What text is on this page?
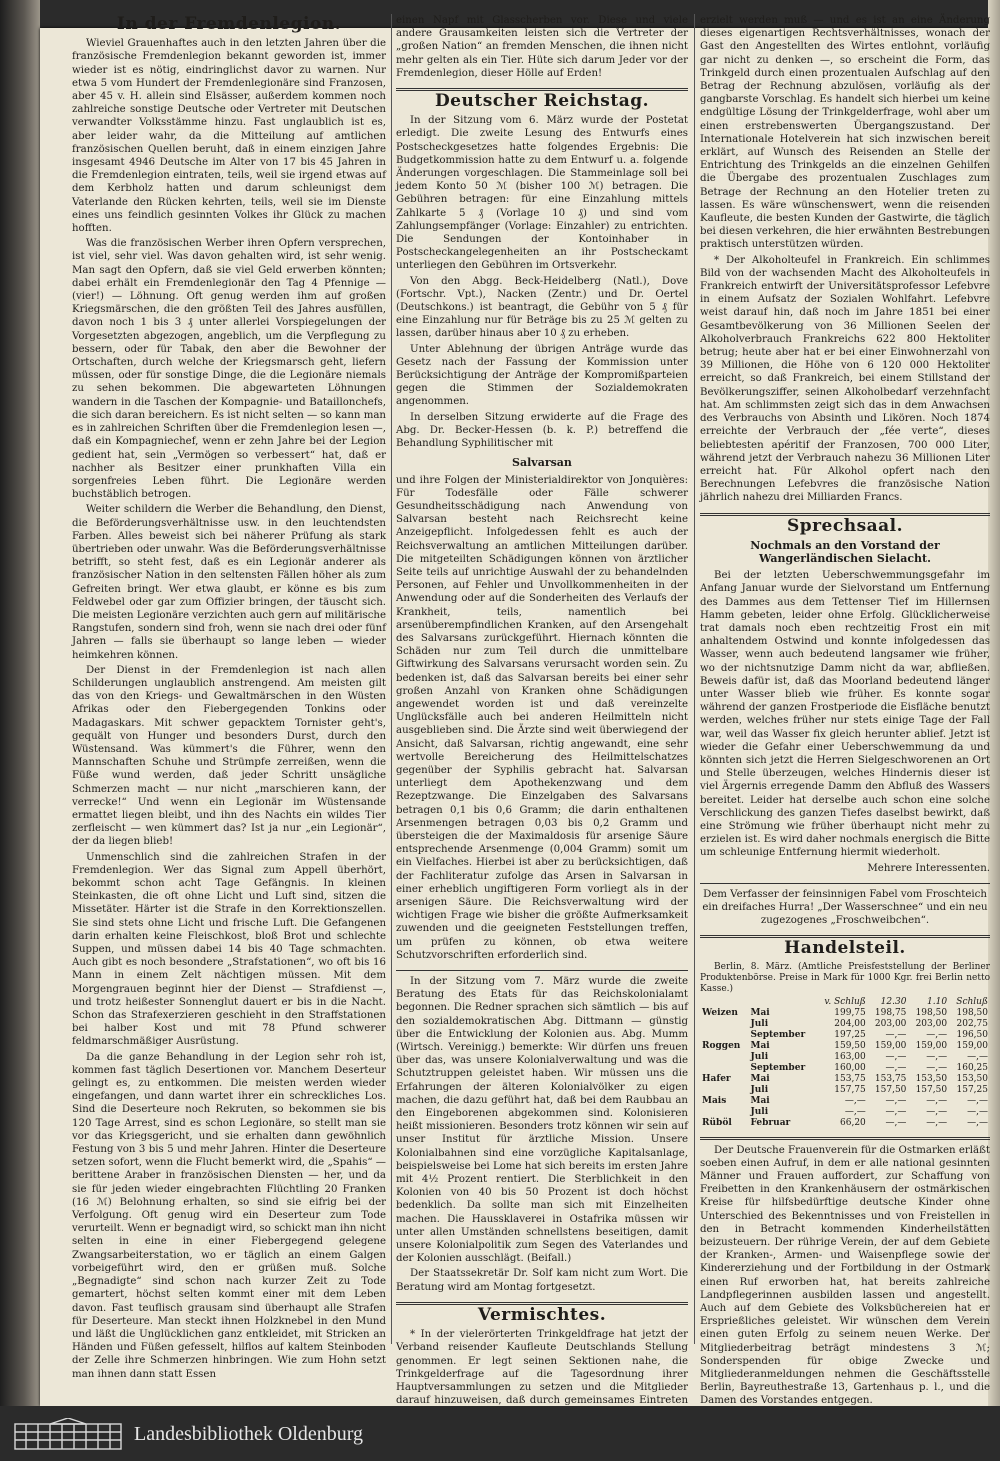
In der Fremdenlegion.

Wieviel Grauenhaftes auch in den letzten Jahren über die französische Fremdenlegion bekannt geworden ist, immer wieder ist es nötig, eindringlichst davor zu warnen. Nur etwa 5 vom Hundert der Fremdenlegionäre sind Franzosen, aber 45 v. H. allein sind Elsässer, außerdem kommen noch zahlreiche sonstige Deutsche oder Vertreter mit Deutschen verwandter Volksstämme hinzu. Fast unglaublich ist es, aber leider wahr, da die Mitteilung auf amtlichen französischen Quellen beruht, daß in einem einzigen Jahre insgesamt 4946 Deutsche im Alter von 17 bis 45 Jahren in die Fremdenlegion eintraten, teils, weil sie irgend etwas auf dem Kerbholz hatten und darum schleunigst dem Vaterlande den Rücken kehrten, teils, weil sie im Dienste eines uns feindlich gesinnten Volkes ihr Glück zu machen hofften.

Was die französischen Werber ihren Opfern versprechen, ist viel, sehr viel. Was davon gehalten wird, ist sehr wenig. Man sagt den Opfern, daß sie viel Geld erwerben könnten; dabei erhält ein Fremdenlegionär den Tag 4 Pfennige — (vier!) — Löhnung. Oft genug werden ihm auf großen Kriegsmärschen, die den größten Teil des Jahres ausfüllen, davon noch 1 bis 3 ₰ unter allerlei Vorspiegelungen der Vorgesetzten abgezogen, angeblich, um die Verpflegung zu bessern, oder für Tabak, den aber die Bewohner der Ortschaften, durch welche der Kriegsmarsch geht, liefern müssen, oder für sonstige Dinge, die die Legionäre niemals zu sehen bekommen. Die abgewarteten Löhnungen wandern in die Taschen der Kompagnie- und Bataillonchefs, die sich daran bereichern. Es ist nicht selten — so kann man es in zahlreichen Schriften über die Fremdenlegion lesen —, daß ein Kompagniechef, wenn er zehn Jahre bei der Legion gedient hat, sein „Vermögen so verbessert“ hat, daß er nachher als Besitzer einer prunkhaften Villa ein sorgenfreies Leben führt. Die Legionäre werden buchstäblich betrogen.

Weiter schildern die Werber die Behandlung, den Dienst, die Beförderungsverhältnisse usw. in den leuchtendsten Farben. Alles beweist sich bei näherer Prüfung als stark übertrieben oder unwahr. Was die Beförderungsverhältnisse betrifft, so steht fest, daß es ein Legionär anderer als französischer Nation in den seltensten Fällen höher als zum Gefreiten bringt. Wer etwa glaubt, er könne es bis zum Feldwebel oder gar zum Offizier bringen, der täuscht sich. Die meisten Legionäre verzichten auch gern auf militärische Rangstufen, sondern sind froh, wenn sie nach drei oder fünf Jahren — falls sie überhaupt so lange leben — wieder heimkehren können.

Der Dienst in der Fremdenlegion ist nach allen Schilderungen unglaublich anstrengend. Am meisten gilt das von den Kriegs- und Gewaltmärschen in den Wüsten Afrikas oder den Fiebergegenden Tonkins oder Madagaskars. Mit schwer gepacktem Tornister geht's, gequält von Hunger und besonders Durst, durch den Wüstensand. Was kümmert's die Führer, wenn den Mannschaften Schuhe und Strümpfe zerreißen, wenn die Füße wund werden, daß jeder Schritt unsägliche Schmerzen macht — nur nicht „marschieren kann, der verrecke!“ Und wenn ein Legionär im Wüstensande ermattet liegen bleibt, und ihn des Nachts ein wildes Tier zerfleischt — wen kümmert das? Ist ja nur „ein Legionär“, der da liegen blieb!

Unmenschlich sind die zahlreichen Strafen in der Fremdenlegion. Wer das Signal zum Appell überhört, bekommt schon acht Tage Gefängnis. In kleinen Steinkasten, die oft ohne Licht und Luft sind, sitzen die Missetäter. Härter ist die Strafe in den Korrektionszellen. Sie sind stets ohne Licht und frische Luft. Die Gefangenen darin erhalten keine Fleischkost, bloß Brot und schlechte Suppen, und müssen dabei 14 bis 40 Tage schmachten. Auch gibt es noch besondere „Strafstationen“, wo oft bis 16 Mann in einem Zelt nächtigen müssen. Mit dem Morgengrauen beginnt hier der Dienst — Strafdienst —, und trotz heißester Sonnenglut dauert er bis in die Nacht. Schon das Strafexerzieren geschieht in den Straffstationen bei halber Kost und mit 78 Pfund schwerer feldmarschmäßiger Ausrüstung.

Da die ganze Behandlung in der Legion sehr roh ist, kommen fast täglich Desertionen vor. Manchem Deserteur gelingt es, zu entkommen. Die meisten werden wieder eingefangen, und dann wartet ihrer ein schreckliches Los. Sind die Deserteure noch Rekruten, so bekommen sie bis 120 Tage Arrest, sind es schon Legionäre, so stellt man sie vor das Kriegsgericht, und sie erhalten dann gewöhnlich Festung von 3 bis 5 und mehr Jahren. Hinter die Deserteure setzen sofort, wenn die Flucht bemerkt wird, die „Spahis“ — berittene Araber in französischen Diensten — her, und da sie für jeden wieder eingebrachten Flüchtling 20 Franken (16 ℳ) Belohnung erhalten, so sind sie eifrig bei der Verfolgung. Oft genug wird ein Deserteur zum Tode verurteilt. Wenn er begnadigt wird, so schickt man ihn nicht selten in eine in einer Fiebergegend gelegene Zwangsarbeiterstation, wo er täglich an einem Galgen vorbeigeführt wird, den er grüßen muß. Solche „Begnadigte“ sind schon nach kurzer Zeit zu Tode gemartert, höchst selten kommt einer mit dem Leben davon. Fast teuflisch grausam sind überhaupt alle Strafen für Deserteure. Man steckt ihnen Holzknebel in den Mund und läßt die Unglücklichen ganz entkleidet, mit Stricken an Händen und Füßen gefesselt, hilflos auf kaltem Steinboden der Zelle ihre Schmerzen hinbringen. Wie zum Hohn setzt man ihnen dann statt Essen

einen Napf mit Glasscherben vor. Diese und viele andere Grausamkeiten leisten sich die Vertreter der „großen Nation“ an fremden Menschen, die ihnen nicht mehr gelten als ein Tier. Hüte sich darum Jeder vor der Fremdenlegion, dieser Hölle auf Erden!

Deutscher Reichstag.

In der Sitzung vom 6. März wurde der Postetat erledigt. Die zweite Lesung des Entwurfs eines Postscheckgesetzes hatte folgendes Ergebnis: Die Budgetkommission hatte zu dem Entwurf u. a. folgende Änderungen vorgeschlagen. Die Stammeinlage soll bei jedem Konto 50 ℳ (bisher 100 ℳ) betragen. Die Gebühren betragen: für eine Einzahlung mittels Zahlkarte 5 ₰ (Vorlage 10 ₰) und sind vom Zahlungsempfänger (Vorlage: Einzahler) zu entrichten. Die Sendungen der Kontoinhaber in Postscheckangelegenheiten an ihr Postscheckamt unterliegen den Gebühren im Ortsverkehr.

Von den Abgg. Beck-Heidelberg (Natl.), Dove (Fortschr. Vpt.), Nacken (Zentr.) und Dr. Oertel (Deutschkons.) ist beantragt, die Gebühr von 5 ₰ für eine Einzahlung nur für Beträge bis zu 25 ℳ gelten zu lassen, darüber hinaus aber 10 ₰ zu erheben.

Unter Ablehnung der übrigen Anträge wurde das Gesetz nach der Fassung der Kommission unter Berücksichtigung der Anträge der Kompromißparteien gegen die Stimmen der Sozialdemokraten angenommen.

In derselben Sitzung erwiderte auf die Frage des Abg. Dr. Becker-Hessen (b. k. P.) betreffend die Behandlung Syphilitischer mit

Salvarsan

und ihre Folgen der Ministerialdirektor von Jonquières: Für Todesfälle oder Fälle schwerer Gesundheitsschädigung nach Anwendung von Salvarsan besteht nach Reichsrecht keine Anzeigepflicht. Infolgedessen fehlt es auch der Reichsverwaltung an amtlichen Mitteilungen darüber. Die mitgeteilten Schädigungen können von ärztlicher Seite teils auf unrichtige Auswahl der zu behandelnden Personen, auf Fehler und Unvollkommenheiten in der Anwendung oder auf die Sonderheiten des Verlaufs der Krankheit, teils, namentlich bei arsenüberempfindlichen Kranken, auf den Arsengehalt des Salvarsans zurückgeführt. Hiernach könnten die Schäden nur zum Teil durch die unmittelbare Giftwirkung des Salvarsans verursacht worden sein. Zu bedenken ist, daß das Salvarsan bereits bei einer sehr großen Anzahl von Kranken ohne Schädigungen angewendet worden ist und daß vereinzelte Unglücksfälle auch bei anderen Heilmitteln nicht ausgeblieben sind. Die Ärzte sind weit überwiegend der Ansicht, daß Salvarsan, richtig angewandt, eine sehr wertvolle Bereicherung des Heilmittelschatzes gegenüber der Syphilis gebracht hat. Salvarsan unterliegt dem Apothekenzwang und dem Rezeptzwange. Die Einzelgaben des Salvarsans betragen 0,1 bis 0,6 Gramm; die darin enthaltenen Arsenmengen betragen 0,03 bis 0,2 Gramm und übersteigen die der Maximaldosis für arsenige Säure entsprechende Arsenmenge (0,004 Gramm) somit um ein Vielfaches. Hierbei ist aber zu berücksichtigen, daß der Fachliteratur zufolge das Arsen in Salvarsan in einer erheblich ungiftigeren Form vorliegt als in der arsenigen Säure. Die Reichsverwaltung wird der wichtigen Frage wie bisher die größte Aufmerksamkeit zuwenden und die geeigneten Feststellungen treffen, um prüfen zu können, ob etwa weitere Schutzvorschriften erforderlich sind.

In der Sitzung vom 7. März wurde die zweite Beratung des Etats für das Reichskolonialamt begonnen. Die Redner sprachen sich sämtlich — bis auf den sozialdemokratischen Abg. Dittmann — günstig über die Entwicklung der Kolonien aus. Abg. Mumm (Wirtsch. Vereinigg.) bemerkte: Wir dürfen uns freuen über das, was unsere Kolonialverwaltung und was die Schutztruppen geleistet haben. Wir müssen uns die Erfahrungen der älteren Kolonialvölker zu eigen machen, die dazu geführt hat, daß bei dem Raubbau an den Eingeborenen abgekommen sind. Kolonisieren heißt missionieren. Besonders trotz können wir sein auf unser Institut für ärztliche Mission. Unsere Kolonialbahnen sind eine vorzügliche Kapitalsanlage, beispielsweise bei Lome hat sich bereits im ersten Jahre mit 4½ Prozent rentiert. Die Sterblichkeit in den Kolonien von 40 bis 50 Prozent ist doch höchst bedenklich. Da sollte man sich mit Einzelheiten machen. Die Haussklaverei in Ostafrika müssen wir unter allen Umständen schnellstens beseitigen, damit unsere Kolonialpolitik zum Segen des Vaterlandes und der Kolonien ausschlägt. (Beifall.)

Der Staatssekretär Dr. Solf kam nicht zum Wort. Die Beratung wird am Montag fortgesetzt.

Vermischtes.

* In der vielerörterten Trinkgeldfrage hat jetzt der Verband reisender Kaufleute Deutschlands Stellung genommen. Er legt seinen Sektionen nahe, die Trinkgelderfrage auf die Tagesordnung ihrer Hauptversammlungen zu setzen und die Mitglieder darauf hinzuweisen, daß durch gemeinsames Eintreten

erzielt werden muß — und es ist an eine Änderung dieses eigenartigen Rechtsverhältnisses, wonach der Gast den Angestellten des Wirtes entlohnt, vorläufig gar nicht zu denken —, so erscheint die Form, das Trinkgeld durch einen prozentualen Aufschlag auf den Betrag der Rechnung abzulösen, vorläufig als der gangbarste Vorschlag. Es handelt sich hierbei um keine endgültige Lösung der Trinkgelderfrage, wohl aber um einen erstrebenswerten Übergangszustand. Der Internationale Hotelverein hat sich inzwischen bereit erklärt, auf Wunsch des Reisenden an Stelle der Entrichtung des Trinkgelds an die einzelnen Gehilfen die Übergabe des prozentualen Zuschlages zum Betrage der Rechnung an den Hotelier treten zu lassen. Es wäre wünschenswert, wenn die reisenden Kaufleute, die besten Kunden der Gastwirte, die täglich bei diesen verkehren, die hier erwähnten Bestrebungen praktisch unterstützen würden.

* Der Alkoholteufel in Frankreich. Ein schlimmes Bild von der wachsenden Macht des Alkoholteufels in Frankreich entwirft der Universitätsprofessor Lefebvre in einem Aufsatz der Sozialen Wohlfahrt. Lefebvre weist darauf hin, daß noch im Jahre 1851 bei einer Gesamtbevölkerung von 36 Millionen Seelen der Alkoholverbrauch Frankreichs 622 800 Hektoliter betrug; heute aber hat er bei einer Einwohnerzahl von 39 Millionen, die Höhe von 6 120 000 Hektoliter erreicht, so daß Frankreich, bei einem Stillstand der Bevölkerungsziffer, seinen Alkoholbedarf verzehnfacht hat. Am schlimmsten zeigt sich das in dem Anwachsen des Verbrauchs von Absinth und Likören. Noch 1874 erreichte der Verbrauch der „fée verte“, dieses beliebtesten apéritif der Franzosen, 700 000 Liter, während jetzt der Verbrauch nahezu 36 Millionen Liter erreicht hat. Für Alkohol opfert nach den Berechnungen Lefebvres die französische Nation jährlich nahezu drei Milliarden Francs.

Sprechsaal.
Nochmals an den Vorstand der Wangerländischen Sielacht.

Bei der letzten Ueberschwemmungsgefahr im Anfang Januar wurde der Sielvorstand um Entfernung des Dammes aus dem Tettenser Tief im Hillernsen Hamm gebeten, leider ohne Erfolg. Glücklicherweise trat damals noch eben rechtzeitig Frost ein mit anhaltendem Ostwind und konnte infolgedessen das Wasser, wenn auch bedeutend langsamer wie früher, wo der nichtsnutzige Damm nicht da war, abfließen. Beweis dafür ist, daß das Moorland bedeutend länger unter Wasser blieb wie früher. Es konnte sogar während der ganzen Frostperiode die Eisfläche benutzt werden, welches früher nur stets einige Tage der Fall war, weil das Wasser fix gleich herunter ablief. Jetzt ist wieder die Gefahr einer Ueberschwemmung da und könnten sich jetzt die Herren Sielgeschworenen an Ort und Stelle überzeugen, welches Hindernis dieser ist viel Ärgernis erregende Damm den Abfluß des Wassers bereitet. Leider hat derselbe auch schon eine solche Verschlickung des ganzen Tiefes daselbst bewirkt, daß eine Strömung wie früher überhaupt nicht mehr zu erzielen ist. Es wird daher nochmals energisch die Bitte um schleunige Entfernung hiermit wiederholt.

Mehrere Interessenten.

Dem Verfasser der feinsinnigen Fabel vom Froschteich ein dreifaches Hurra! „Der Wasserschnee“ und ein neu zugezogenes „Froschweibchen“.

Handelsteil.

Berlin, 8. März. (Amtliche Preisfeststellung der Berliner Produktenbörse. Preise in Mark für 1000 Kgr. frei Berlin netto Kasse.)

		v. Schluß	12.30	1.10	Schluß
Weizen	Mai	199,75	198,75	198,50	198,50
	Juli	204,00	203,00	203,00	202,75
	September	197,25	—,—	—,—	196,50
Roggen	Mai	159,50	159,00	159,00	159,00
	Juli	163,00	—,—	—,—	—,—
	September	160,00	—,—	—,—	160,25
Hafer	Mai	153,75	153,75	153,50	153,50
	Juli	157,75	157,50	157,50	157,25
Mais	Mai	—,—	—,—	—,—	—,—
	Juli	—,—	—,—	—,—	—,—
Rüböl	Februar	66,20	—,—	—,—	—,—

Der Deutsche Frauenverein für die Ostmarken erläßt soeben einen Aufruf, in dem er alle national gesinnten Männer und Frauen auffordert, zur Schaffung von Freibetten in den Krankenhäusern der ostmärkischen Kreise für hilfsbedürftige deutsche Kinder ohne Unterschied des Bekenntnisses und von Freistellen in den in Betracht kommenden Kinderheilstätten beizusteuern. Der rührige Verein, der auf dem Gebiete der Kranken-, Armen- und Waisenpflege sowie der Kindererziehung und der Fortbildung in der Ostmark einen Ruf erworben hat, hat bereits zahlreiche Landpflegerinnen ausbilden lassen und angestellt. Auch auf dem Gebiete des Volksbüchereien hat er Ersprießliches geleistet. Wir wünschen dem Verein einen guten Erfolg zu seinem neuen Werke. Der Mitgliederbeitrag beträgt mindestens 3 ℳ; Sonderspenden für obige Zwecke und Mitgliederanmeldungen nehmen die Geschäftsstelle Berlin, Bayreuthestraße 13, Gartenhaus p. l., und die Damen des Vorstandes entgegen.

Landesbibliothek Oldenburg
